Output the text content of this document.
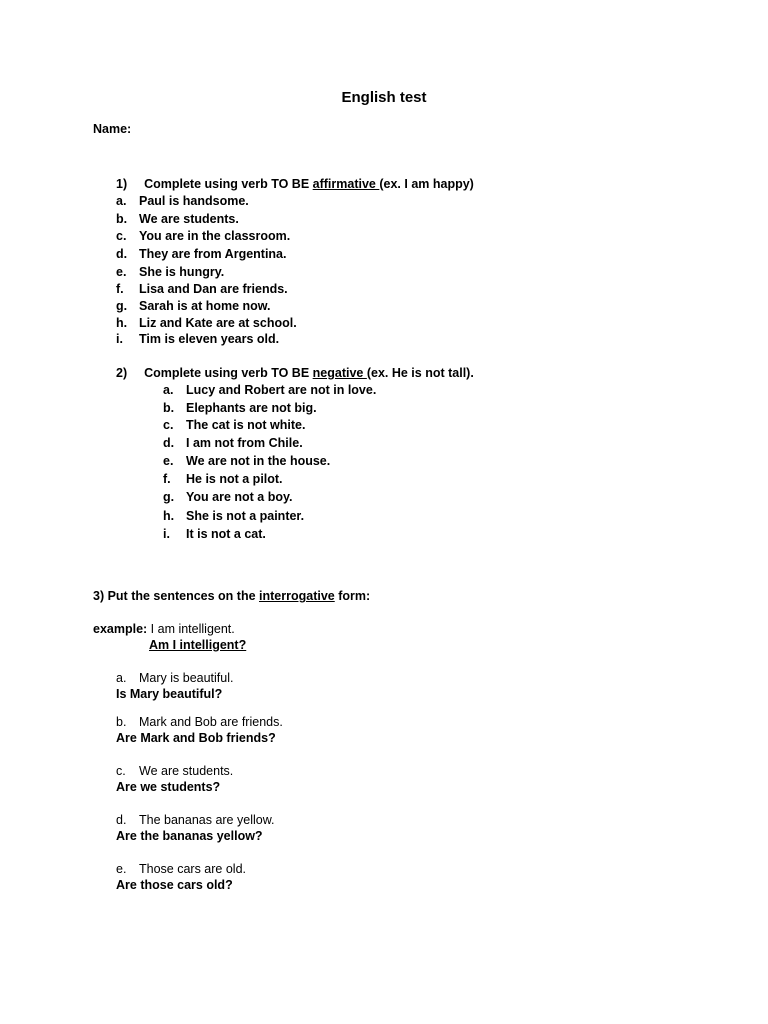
English test
Name:
1) Complete using verb TO BE affirmative (ex. I am happy)
a. Paul is handsome.
b. We are students.
c. You are in the classroom.
d. They are from Argentina.
e. She is hungry.
f. Lisa and Dan are friends.
g. Sarah is at home now.
h. Liz and Kate are at school.
i. Tim is eleven years old.
2) Complete using verb TO BE negative (ex. He is not tall).
a. Lucy and Robert are not in love.
b. Elephants are not big.
c. The cat is not white.
d. I am not from Chile.
e. We are not in the house.
f. He is not a pilot.
g. You are not a boy.
h. She is not a painter.
i. It is not a cat.
3) Put the sentences on the interrogative form:
example: I am intelligent.
Am I intelligent?
a. Mary is beautiful.
Is Mary beautiful?
b. Mark and Bob are friends.
Are Mark and Bob friends?
c. We are students.
Are we students?
d. The bananas are yellow.
Are the bananas yellow?
e. Those cars are old.
Are those cars old?
